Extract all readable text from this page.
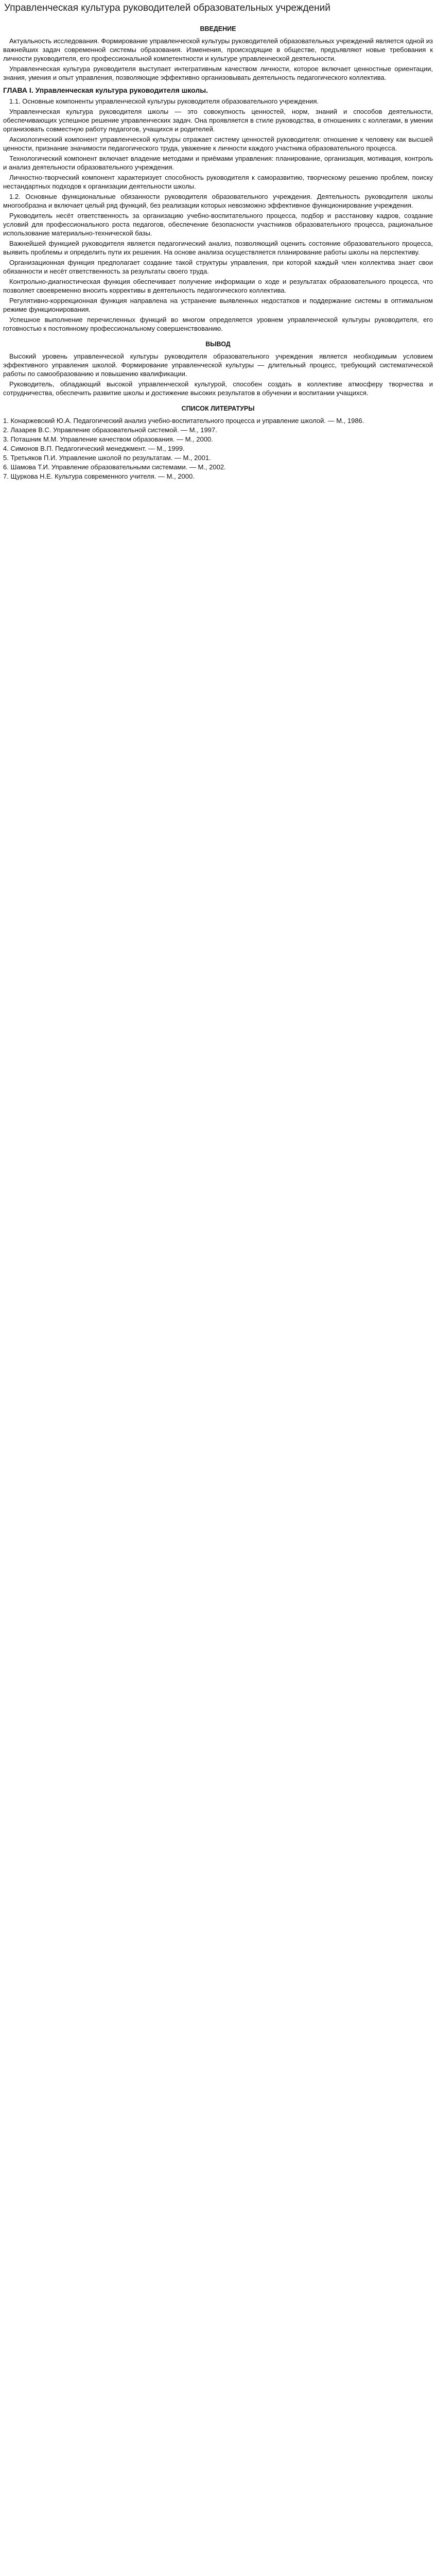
Управленческая культура руководителей образовательных учреждений
ВВЕДЕНИЕ

Актуальность исследования. Формирование управленческой культуры руководителей образовательных учреждений является одной из важнейших задач современной системы образования. Изменения, происходящие в обществе, предъявляют новые требования к личности руководителя, его профессиональной компетентности и культуре управленческой деятельности.

Управленческая культура руководителя выступает интегративным качеством личности, которое включает ценностные ориентации, знания, умения и опыт управления, позволяющие эффективно организовывать деятельность педагогического коллектива.

ГЛАВА I. Управленческая культура руководителя школы.

1.1. Основные компоненты управленческой культуры руководителя образовательного учреждения.

Управленческая культура руководителя школы — это совокупность ценностей, норм, знаний и способов деятельности, обеспечивающих успешное решение управленческих задач. Она проявляется в стиле руководства, в отношениях с коллегами, в умении организовать совместную работу педагогов, учащихся и родителей.

Аксиологический компонент управленческой культуры отражает систему ценностей руководителя: отношение к человеку как высшей ценности, признание значимости педагогического труда, уважение к личности каждого участника образовательного процесса.

Технологический компонент включает владение методами и приёмами управления: планирование, организация, мотивация, контроль и анализ деятельности образовательного учреждения.

Личностно-творческий компонент характеризует способность руководителя к саморазвитию, творческому решению проблем, поиску нестандартных подходов к организации деятельности школы.

1.2. Основные функциональные обязанности руководителя образовательного учреждения. Деятельность руководителя школы многообразна и включает целый ряд функций, без реализации которых невозможно эффективное функционирование учреждения.

Руководитель несёт ответственность за организацию учебно-воспитательного процесса, подбор и расстановку кадров, создание условий для профессионального роста педагогов, обеспечение безопасности участников образовательного процесса, рациональное использование материально-технической базы.

Важнейшей функцией руководителя является педагогический анализ, позволяющий оценить состояние образовательного процесса, выявить проблемы и определить пути их решения. На основе анализа осуществляется планирование работы школы на перспективу.

Организационная функция предполагает создание такой структуры управления, при которой каждый член коллектива знает свои обязанности и несёт ответственность за результаты своего труда.

Контрольно-диагностическая функция обеспечивает получение информации о ходе и результатах образовательного процесса, что позволяет своевременно вносить коррективы в деятельность педагогического коллектива.

Регулятивно-коррекционная функция направлена на устранение выявленных недостатков и поддержание системы в оптимальном режиме функционирования.

Успешное выполнение перечисленных функций во многом определяется уровнем управленческой культуры руководителя, его готовностью к постоянному профессиональному совершенствованию.

ВЫВОД

Высокий уровень управленческой культуры руководителя образовательного учреждения является необходимым условием эффективного управления школой. Формирование управленческой культуры — длительный процесс, требующий систематической работы по самообразованию и повышению квалификации.

Руководитель, обладающий высокой управленческой культурой, способен создать в коллективе атмосферу творчества и сотрудничества, обеспечить развитие школы и достижение высоких результатов в обучении и воспитании учащихся.

СПИСОК ЛИТЕРАТУРЫ

1. Конаржевский Ю.А. Педагогический анализ учебно-воспитательного процесса и управление школой. — М., 1986.

2. Лазарев В.С. Управление образовательной системой. — М., 1997.

3. Поташник М.М. Управление качеством образования. — М., 2000.

4. Симонов В.П. Педагогический менеджмент. — М., 1999.

5. Третьяков П.И. Управление школой по результатам. — М., 2001.

6. Шамова Т.И. Управление образовательными системами. — М., 2002.

7. Щуркова Н.Е. Культура современного учителя. — М., 2000.
